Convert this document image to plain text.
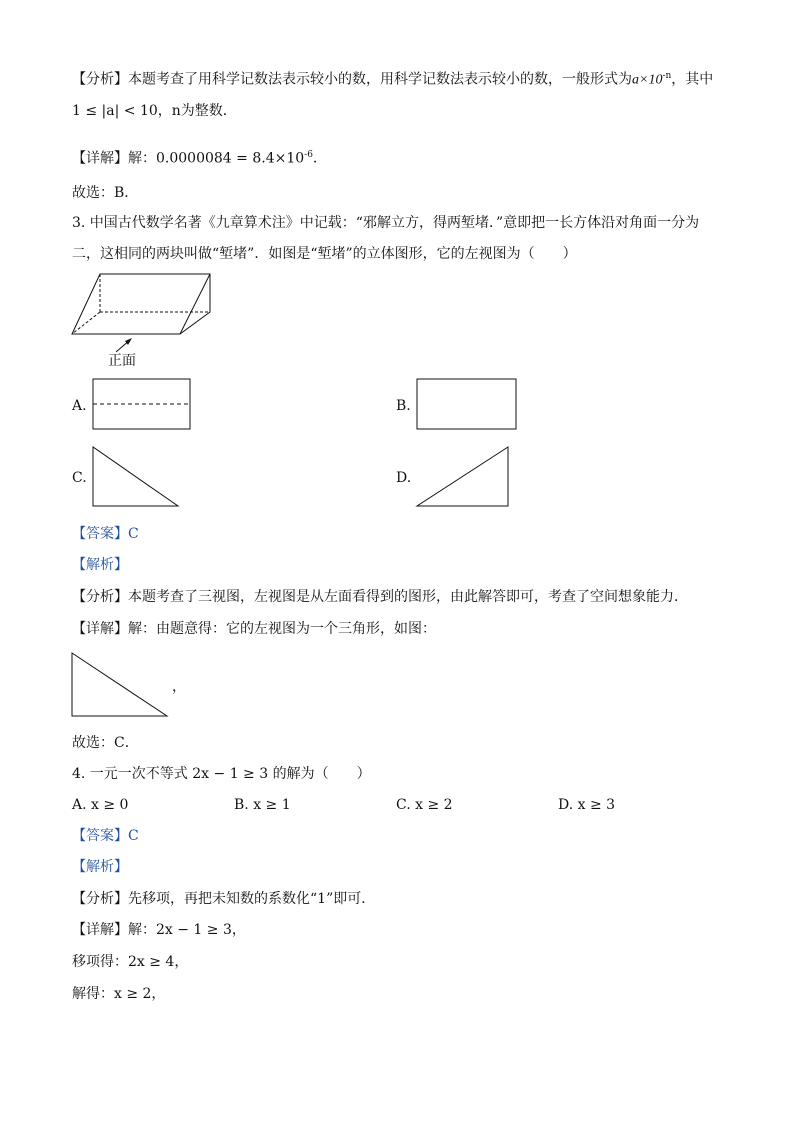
【分析】本题考查了用科学记数法表示较小的数，用科学记数法表示较小的数，一般形式为$a\times 10^{-n}$，其中
1 ≤ |a| < 10，n为整数．
【详解】解：$0.0000084 = 8.4\times 10^{-6}$．
故选：B．
3. 中国古代数学名著《九章算术注》中记载：“邪解立方，得两堑堵．”意即把一长方体沿对角面一分为
二，这相同的两块叫做“堑堵”．如图是“堑堵”的立体图形，它的左视图为（　　）
正面
A.	B.
C.	D.
【答案】C
【解析】
【分析】本题考查了三视图，左视图是从左面看得到的图形，由此解答即可，考查了空间想象能力．
【详解】解：由题意得：它的左视图为一个三角形，如图：
，
故选：C．
4. 一元一次不等式 2x − 1 ≥ 3 的解为（　　）
A. x ≥ 0	B. x ≥ 1	C. x ≥ 2	D. x ≥ 3
【答案】C
【解析】
【分析】先移项，再把未知数的系数化“1”即可．
【详解】解：2x − 1 ≥ 3，
移项得：2x ≥ 4，
解得：x ≥ 2，
